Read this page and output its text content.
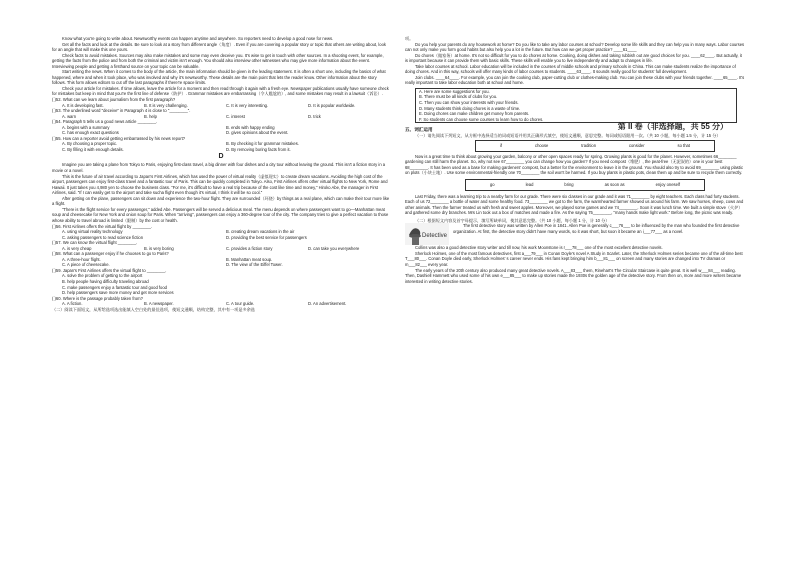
Know what you're going to write about. Newsworthy events can happen anytime and anywhere. So reporters need to develop a good nose for news.

Get all the facts and look at the details. Be sure to look at a story from different angle（角度）. Even if you are covering a popular story or topic that others are writing about, look for an angle that will make this one yours.

Check facts to avoid mistakes. Sources may also make mistakes and some may even deceive you. It's wise to get in touch with other sources. In a shooting event, for example, getting the facts from the police and from both the criminal and victim isn't enough. You should also interview other witnesses who may give more information about the event. Interviewing people and getting a firsthand source on your topic can be valuable.

Start writing the news. When it comes to the body of the article, the main information should be given in the leading statement. It is often a short one, including the basics of what happened, where and when it took place, who was involved and why it's newsworthy. These details are the main point that lets the reader know. Other information about the story follows. This form allows editors to cut off the last paragraphs if there're space limits.

Check your article for mistakes. If time allows, leave the article for a moment and then read through it again with a fresh eye. Newspaper publications usually have someone check for mistakes but keep in mind that you're the first line of defense（防护）. Grammar mistakes are embarrassing（令人尴尬的）, and some mistakes may result in a lawsuit（诉讼）.

( )52. What can we learn about journalism from the first paragraph?

A. It is developing fast.	B. It is very challenging.	C. It is very interesting.	D. It is popular worldwide.

( )53. The underlined word "deceive" in Paragraph 4 is close to "________".

A. warn	B. help	C. interest	D. trick

( )54. Paragraph 5 tells us a good news article ________.

A. begins with a summary	B. ends with happy ending
C. has enough exact questions	D. gives opinions about the event.

( )55. How can a reporter avoid getting embarrassed by his news report?

A. By choosing a proper topic.	B. By checking it for grammar mistakes.
C. By filling it with enough details.	D. By removing boring facts from it.

D

Imagine you are taking a plane from Tokyo to Paris, enjoying first-class travel, a big dinner with four dishes and a city tour without leaving the ground. This isn't a fiction story in a movie or a novel.

This is the future of air travel according to Japan's First Airlines, which has used the power of virtual reality（虚拟现实）to create dream vacations. Avoiding the high cost of the airport, passengers can enjoy first-class travel and a fantastic tour of Paris. This can be quickly completed in Tokyo. Also, First Airlines offers other virtual flights to New York, Rome and Hawaii. It just takes you 4,980 yen to choose the business class. "For me, it's difficult to have a real trip because of the cost like time and money," Hiroko Abe, the manager in First Airlines, said. "If I can easily get to the airport and take sucha flight even though it's virtual, I think it will be so cool."

After getting on the plane, passengers can sit down and experience the two-hour flight. They are surrounded（环绕）by things as a real plane, which can make their tour more like a flight.

"There is the flight service for every passenger," added Abe. Passengers will be served a delicious meal. The menu depends on where passengers want to go—Manhattan meat soup and cheesecake for New York and onion soup for Paris. When "arriving", passengers can enjoy a 360-degree tour of the city. The company tries to give a perfect vacation to those whose ability to travel abroad is limited（限制）by the cost or health.

( )56. First Airlines offers the virtual flight by ________.

A. using virtual reality technology	B. creating dream vacations in the air
C. asking passengers to read science fiction	D. providing the best service for passengers

( )57. We can know the virtual flight ________.

A. is very cheap	B. is very boring	C. provides a fiction story	D. can take you everywhere

( )58. What can a passenger enjoy if he chooses to go to Paris?

A. A three-hour flight.	B. Manhattan meat soup.
C. A piece of cheesecake.	D. The view of the Eiffel Tower.

( )59. Japan's First Airlines offers the virtual flight to ________.

A. solve the problem of getting to the airport

B. help people having difficulty traveling abroad

C. make passengers enjoy a fantastic tour and good food

D. help passengers save more money and get more services

( )60. Where is the passage probably taken from?

A. A fiction.	B. A newspaper.	C. A tour guide.	D. An advertisement.

（二）阅读下面短文，从所给选项选出能填入空白处的最佳选项，使短文通顺，结构完整，其中有一项是多余选

项。

Do you help your parents do any housework at home? Do you like to take any labor courses at school? Develop some life skills and they can help you in many ways. Labor courses can not only make you form good habits but also help you a lot in the future. But how can we get proper practice? ____61____

Do chores（做家务）at home. It's not so difficult for you to do chores at home. Cooking, doing dishes and taking rubbish out are good choices for you. ____62____. But actually, it is important because it can provide them with basic skills. These skills will enable you to live independently and adapt to changes in life.

Take labor courses at school. Labor education will be included in the courses of middle schools and primary schools in China. This can make students realize the importance of doing chores. And in this way, schools will offer many kinds of labor courses to students. ____63____. It sounds really good for students' full development.

Join clubs. ____64____. For example, you can join the cooking club, paper-cutting club or clothes-making club. You can join these clubs with your friends together. ____65____. It's really important to take labor education both at school and home.

A. Here are some suggestions for you.

B. There must be all kinds of clubs for you.

C. Then you can show your interests with your friends.

D. Many students think doing chores is a waste of time.

E. Doing chores can make children get money from parents.

F. So students can choose some courses to learn how to do chores.

第 II 卷（非选择题，共 55 分）

五、词汇运用

（一）请先阅读下列短文，从方框中选择适当的词或短语并用其正确形式填空，使短文通顺，意思完整。每词或短语限用一次。（共 10 小题，每小题 1.5 分，计 15 分）

if	choose	tradition	consider	so that

Now is a great time to think about growing your garden, balcony or other open spaces ready for spring. Growing plants is good for the planet. However, sometimes 66________ gardening can still harm the planet. So, why not see 67________ you can change how you garden? If you need compost（堆肥）, the peat-free（无泥炭的）one is your best 68________. It has been used as a base for making gardeners' compost, but a better for the environment to leave it in the ground. You should also try to avoid 69________ using plastic on plots（小块土地）. Use some environmental-friendly one 70________ the soil won't be harmed. If you buy plants in plastic pots, clean them up and be sure to recycle them correctly.

go	lead	bring	as soon as	enjoy oneself

Last Friday, there was a learning trip to a nearby farm for our grade. There were six classes in our grade and it was 71________ by eight teachers. Each class had forty students. Each of us 72________ a bottle of water and some healthy food. 73________ we got to the farm, the warmhearted farmer showed us around his farm. We saw horses, sheep, cows and other animals. Then the farmer treated us with fresh and sweet apples. Moreover, we played some games and we 74________. Soon it was lunch time. We built a simple stove（火炉）and gathered some dry branches. Mrs Lin took out a box of matches and made a fire. As the saying 75________, "many hands make light work." Before long, the picnic was ready.

（二）根据短文内容及首字母提示，填写所缺单词，使其意思完整。（共 10 小题，每小题 1 分，计 10 分）

Detective

The first detective story was written by Allen Poe in 1841. Allen Poe is generally c___76___ to be influenced by the man who founded the first detective organization. At first, the detective story didn't have many words, so it was short, but soon it became an i___77___ as a novel.

Collins was also a good detective story writer and till now, his work Moonstone is r___78___ one of the most excellent detective novels.

Sherlock Holmes, one of the most famous detectives, first a___79___ in Conan Doyle's novel A Study in Scarlet. Later, the Sherlock Holmes series became one of the all-time best T___80___. Conan Doyle died early, Sherlock Holmes' s career never ends. His fans kept bringing him b___81___ on screen and many stories are changed into TV dramas or m___82___ every year.

The early years of the 20th century also produced many great detective novels. A___83___ them, Rinehart's The Circular Staircase is quite great. It is well w___84___ reading. Then, Dashiell Hammett who used some of his own e___85___ to make up stories made the 1930s the golden age of the detective story. From then on, more and more writers became interested in writing detective stories.
